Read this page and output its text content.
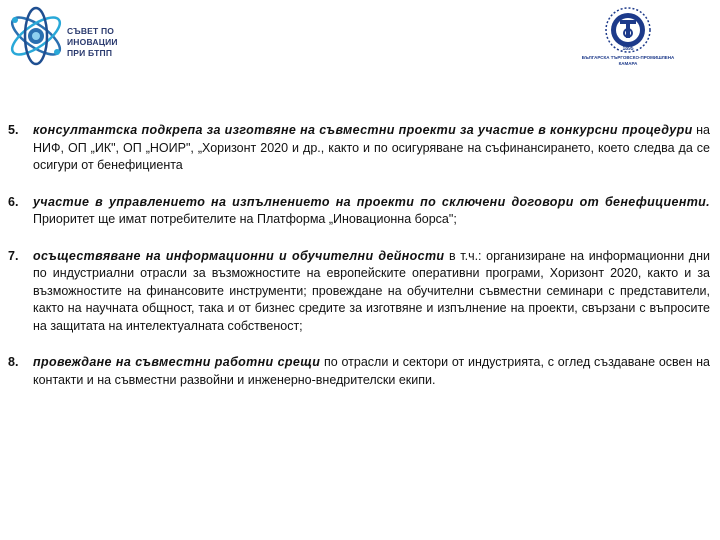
СЪВЕТ ПО
ИНОВАЦИИ
ПРИ БТПП	1895
БЪЛГАРСКА ТЪРГОВСКО-ПРОМИШЛЕНА
КАМАРА
5.	консултантска подкрепа за изготвяне на съвместни проекти за участие в конкурсни процедури на НИФ, ОП „ИК", ОП „НОИР", „Хоризонт 2020 и др., както и по осигуряване на съфинансирането, което следва да се осигури от бенефициента
6.	участие в управлението на изпълнението на проекти по сключени договори от бенефициенти. Приоритет ще имат потребителите на Платформа „Иновационна борса";
7.	осъществяване на информационни и обучителни дейности в т.ч.: организиране на информационни дни по индустриални отрасли за възможностите на европейските оперативни програми, Хоризонт 2020, както и за възможностите на финансовите инструменти; провеждане на обучителни съвместни семинари с представители, както на научната общност, така и от бизнес средите за изготвяне и изпълнение на проекти, свързани с въпросите на защитата на интелектуалната собственост;
8.	провеждане на съвместни работни срещи по отрасли и сектори от индустрията, с оглед създаване освен на контакти и на съвместни развойни и инженерно-внедрителски екипи.
